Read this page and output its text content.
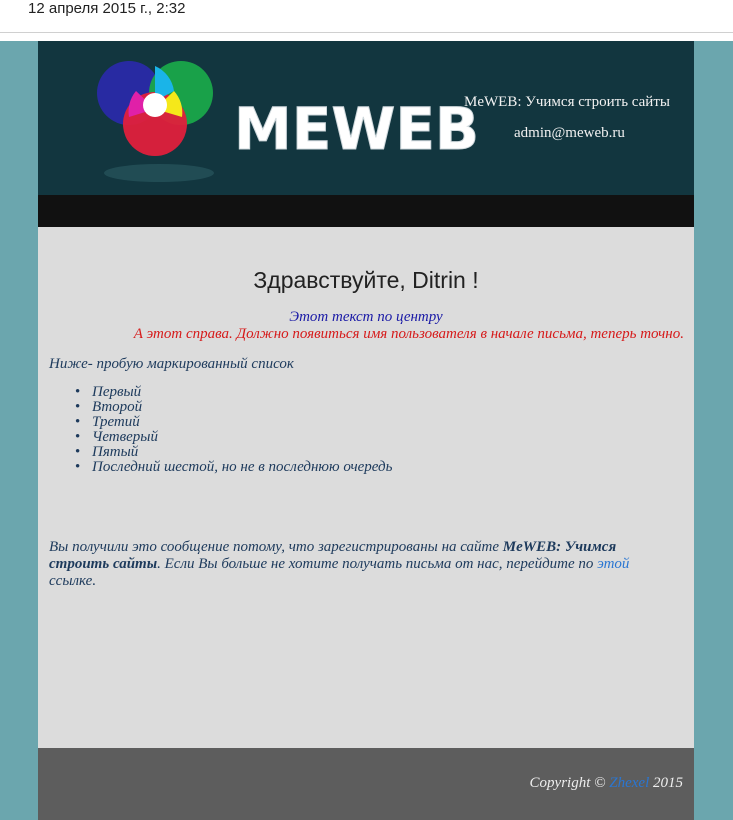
12 апреля 2015 г., 2:32
MEWEB
MeWEB: Учимся строить сайты
admin@meweb.ru
Здравствуйте, Ditrin !
Этот текст по центру
А этот справа. Должно появиться имя пользователя в начале письма, теперь точно.
Ниже- пробую маркированный список
• Первый
• Второй
• Третий
• Четверый
• Пятый
• Последний шестой, но не в последнюю очередь
Вы получили это сообщение потому, что зарегистрированы на сайте MeWEB: Учимся строить сайты. Если Вы больше не хотите получать письма от нас, перейдите по этой ссылке.
Copyright © Zhexel 2015
